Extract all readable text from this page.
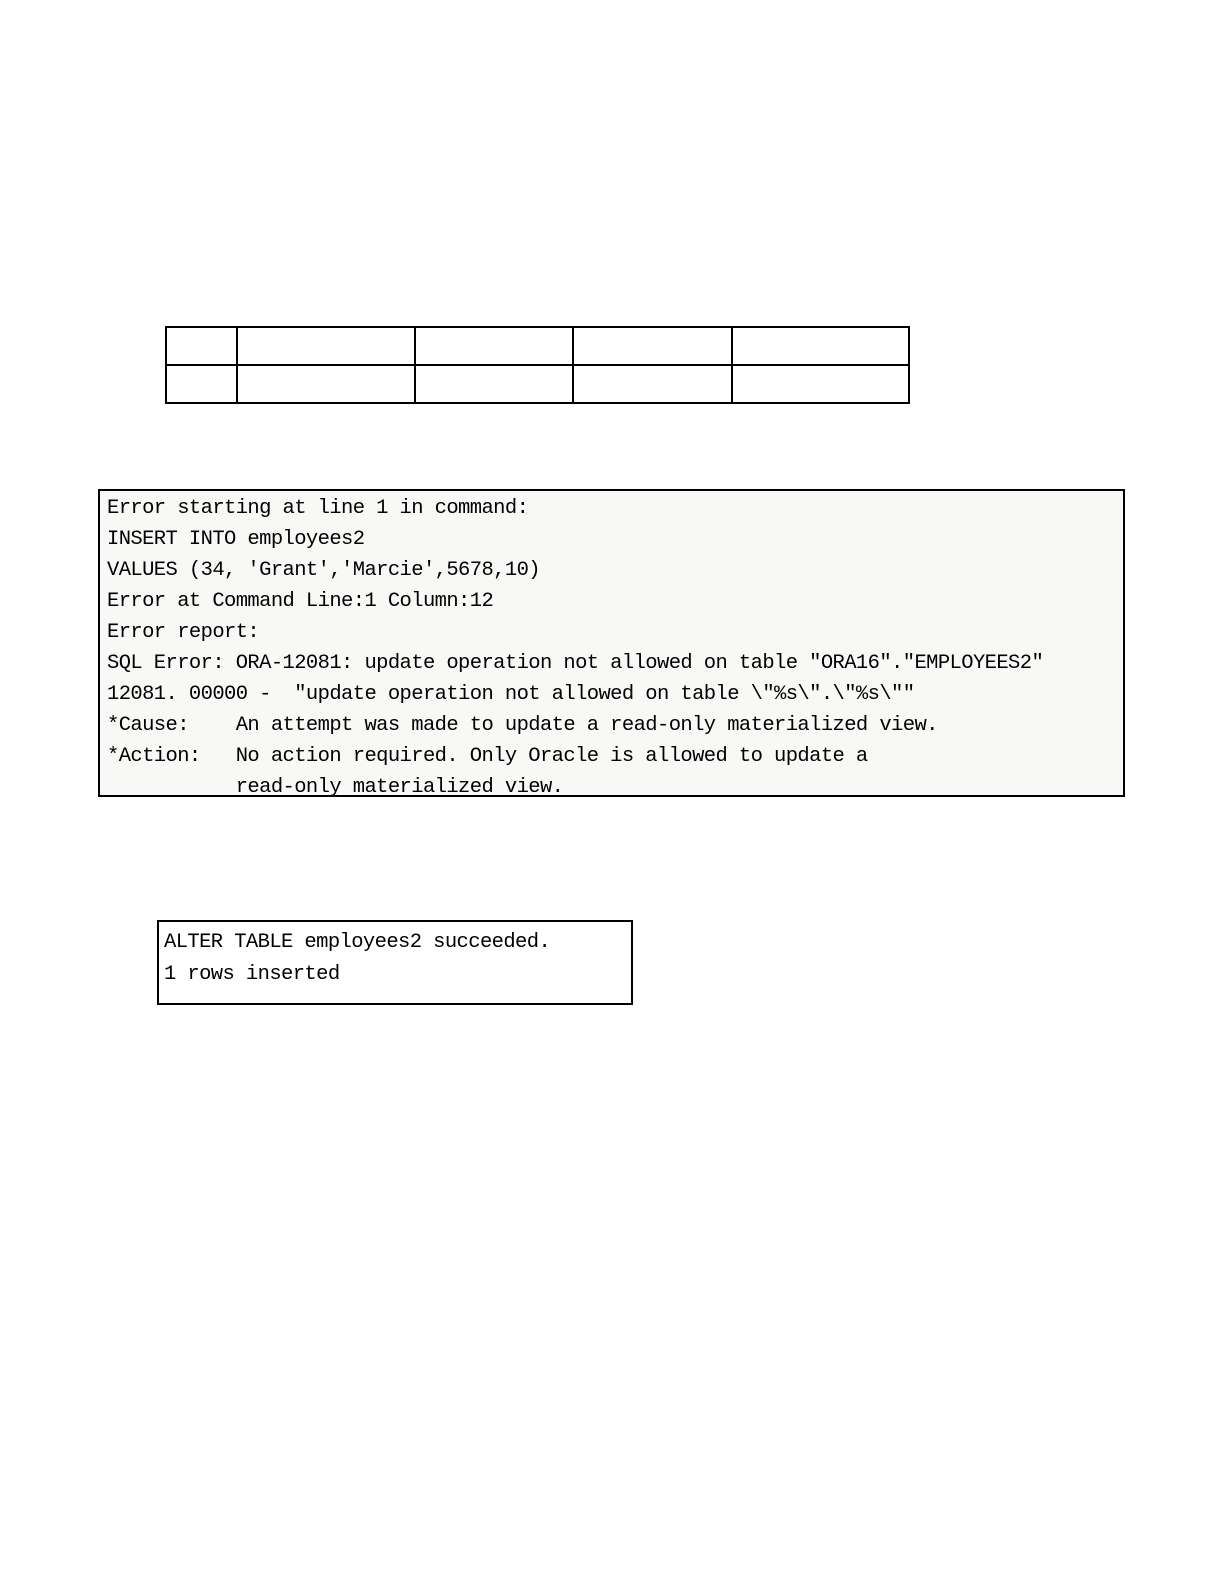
Error starting at line 1 in command:
INSERT INTO employees2
VALUES (34, 'Grant','Marcie',5678,10)
Error at Command Line:1 Column:12
Error report:
SQL Error: ORA-12081: update operation not allowed on table "ORA16"."EMPLOYEES2"
12081. 00000 -  "update operation not allowed on table \"%s\".\"%s\""
*Cause:    An attempt was made to update a read-only materialized view.
*Action:   No action required. Only Oracle is allowed to update a
read-only materialized view.
ALTER TABLE employees2 succeeded.
1 rows inserted
